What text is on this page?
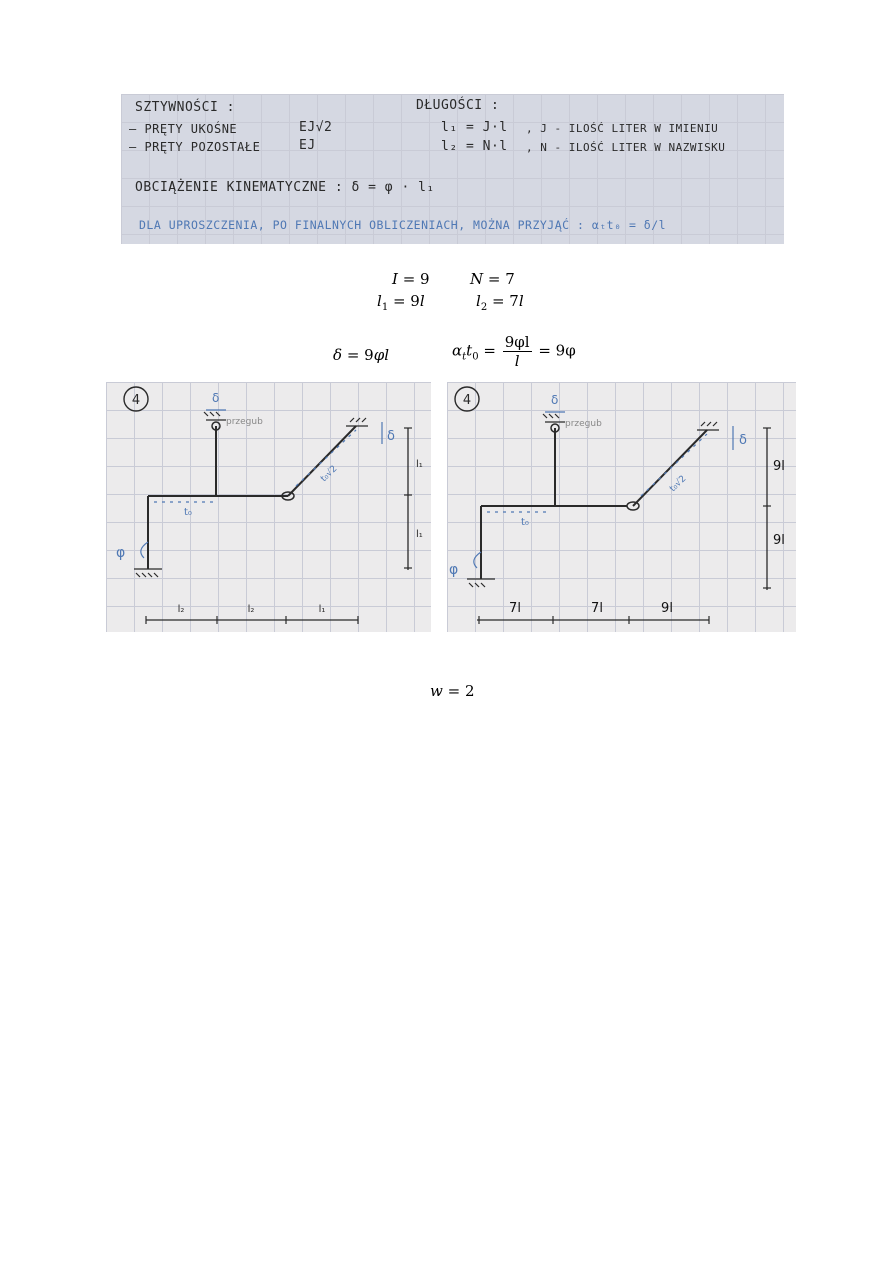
SZTYWNOŚCI :
– PRĘTY UKOŚNE	EJ√2
– PRĘTY POZOSTAŁE	EJ
DŁUGOŚCI :
l₁ = J·l , J - ILOŚĆ LITER W IMIENIU
l₂ = N·l , N - ILOŚĆ LITER W NAZWISKU
OBCIĄŻENIE KINEMATYCZNE : δ = φ · l₁
DLA UPROSZCZENIA, PO FINALNYCH OBLICZENIACH, MOŻNA PRZYJĄĆ : αₜt₀ = δ/l
I = 9	N = 7
$l_1 = 9l$	$l_2 = 7l$
δ = 9φl	$\alpha_tt_0 = \frac{9\varphi l}{l} = 9\varphi$
4
przegub
δ
δ
φ
t₀
t₀√2
l₂	l₂	l₁
l₁
l₁
4
przegub
δ
δ
φ
t₀
t₀√2
7l	7l	9l
9l
9l
w = 2
